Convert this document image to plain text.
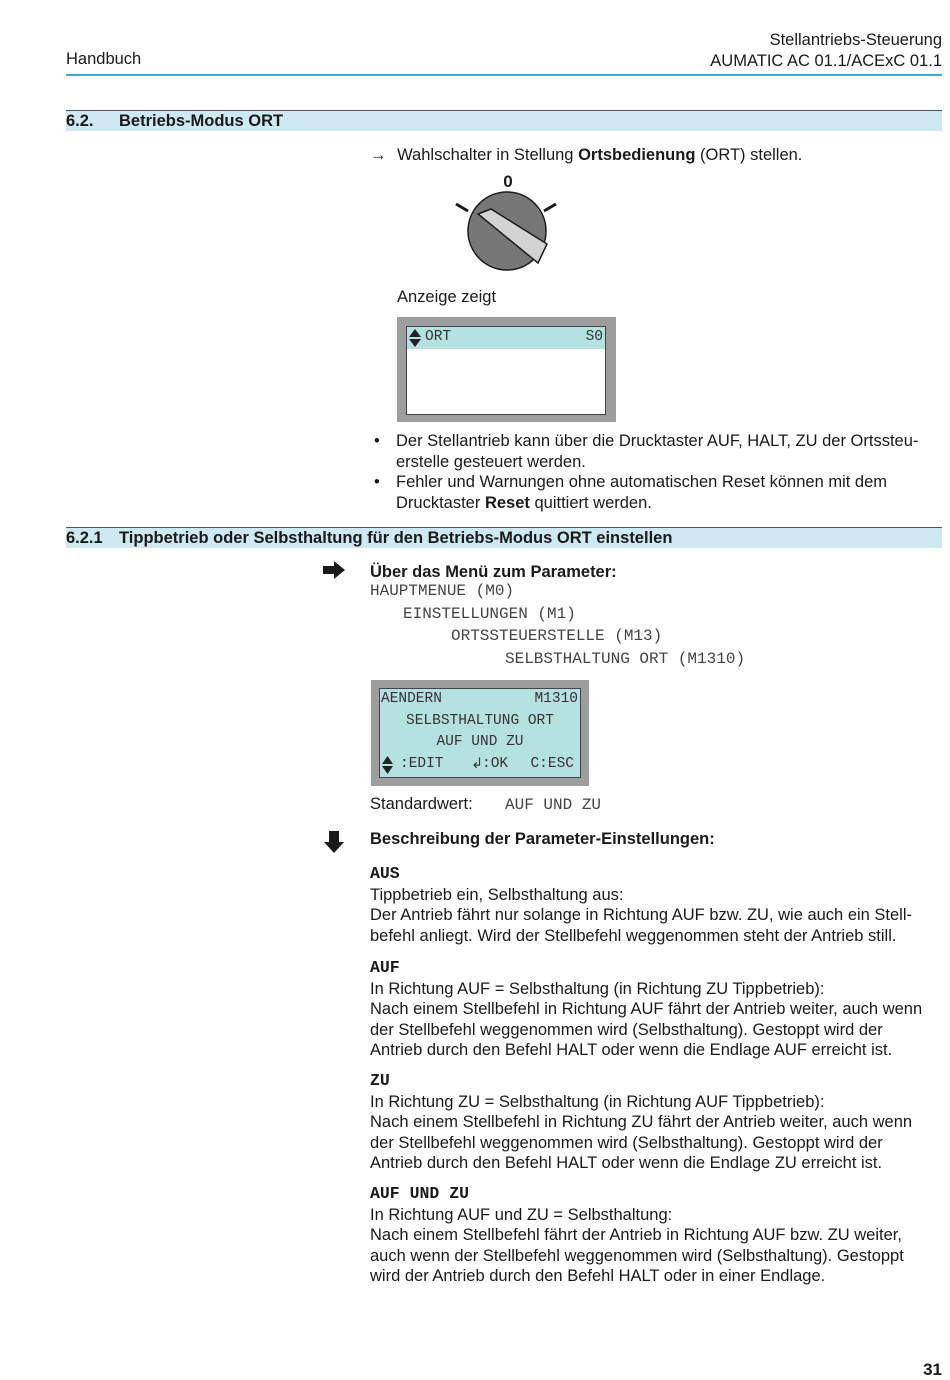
Handbuch
Stellantriebs-Steuerung
AUMATIC AC 01.1/ACExC 01.1
6.2. Betriebs-Modus ORT
→ Wahlschalter in Stellung Ortsbedienung (ORT) stellen.
0
Anzeige zeigt
ORT	S0
• Der Stellantrieb kann über die Drucktaster AUF, HALT, ZU der Ortssteu-
erstelle gesteuert werden.
• Fehler und Warnungen ohne automatischen Reset können mit dem
Drucktaster Reset quittiert werden.
6.2.1 Tippbetrieb oder Selbsthaltung für den Betriebs-Modus ORT einstellen
Über das Menü zum Parameter:
HAUPTMENUE (M0)
EINSTELLUNGEN (M1)
ORTSSTEUERSTELLE (M13)
SELBSTHALTUNG ORT (M1310)
AENDERN	M1310
SELBSTHALTUNG ORT
AUF UND ZU
:EDIT ↲
:OK C:ESC
Standardwert: AUF UND ZU
Beschreibung der Parameter-Einstellungen:
AUS
Tippbetrieb ein, Selbsthaltung aus:
Der Antrieb fährt nur solange in Richtung AUF bzw. ZU, wie auch ein Stell-
befehl anliegt. Wird der Stellbefehl weggenommen steht der Antrieb still.
AUF
In Richtung AUF = Selbsthaltung (in Richtung ZU Tippbetrieb):
Nach einem Stellbefehl in Richtung AUF fährt der Antrieb weiter, auch wenn
der Stellbefehl weggenommen wird (Selbsthaltung). Gestoppt wird der
Antrieb durch den Befehl HALT oder wenn die Endlage AUF erreicht ist.
ZU
In Richtung ZU = Selbsthaltung (in Richtung AUF Tippbetrieb):
Nach einem Stellbefehl in Richtung ZU fährt der Antrieb weiter, auch wenn
der Stellbefehl weggenommen wird (Selbsthaltung). Gestoppt wird der
Antrieb durch den Befehl HALT oder wenn die Endlage ZU erreicht ist.
AUF UND ZU
In Richtung AUF und ZU = Selbsthaltung:
Nach einem Stellbefehl fährt der Antrieb in Richtung AUF bzw. ZU weiter,
auch wenn der Stellbefehl weggenommen wird (Selbsthaltung). Gestoppt
wird der Antrieb durch den Befehl HALT oder in einer Endlage.
31
